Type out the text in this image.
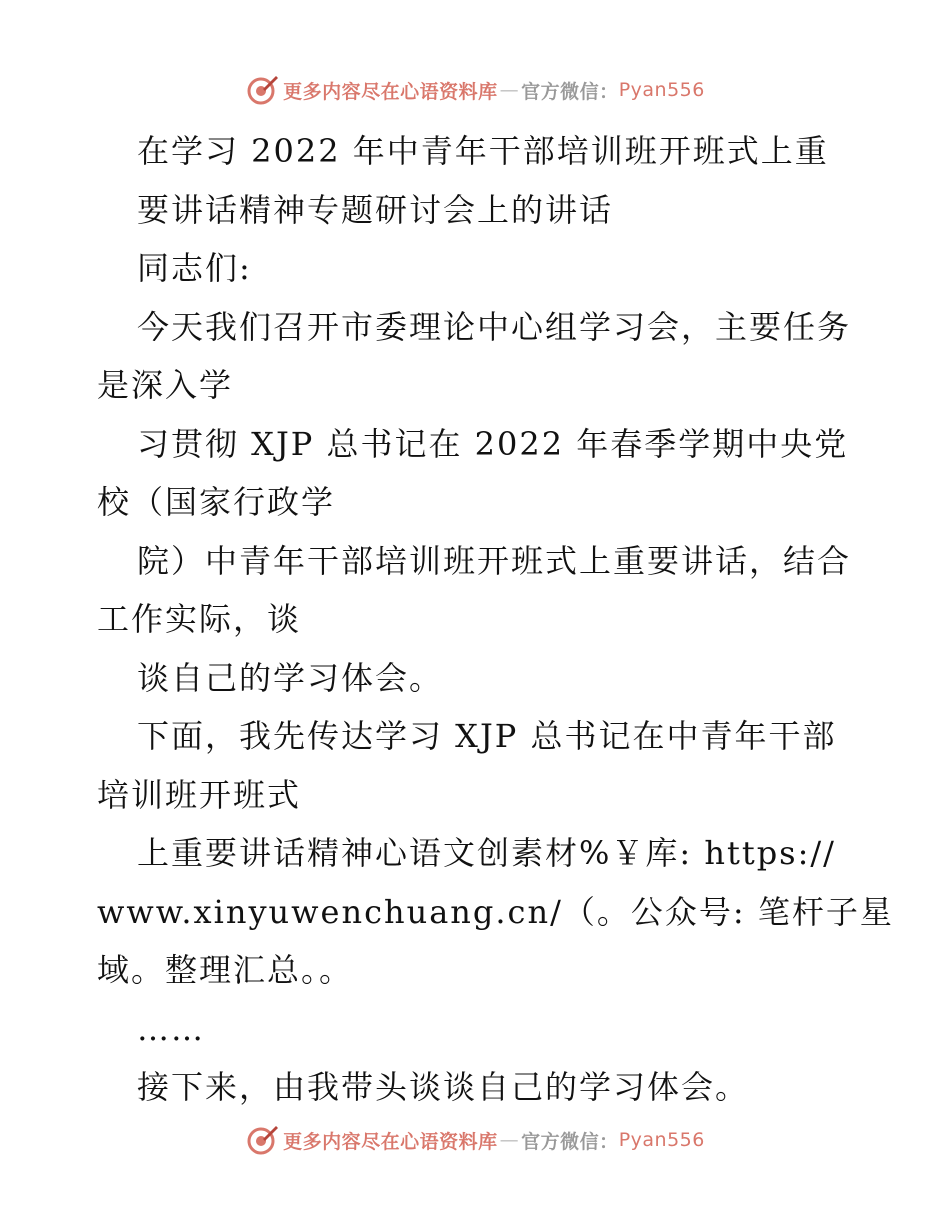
更多内容尽在心语资料库 — 官方微信： Pyan556

在学习 2022 年中青年干部培训班开班式上重

要讲话精神专题研讨会上的讲话

同志们:

今天我们召开市委理论中心组学习会，主要任务

是深入学

习贯彻 XJP 总书记在 2022 年春季学期中央党

校（国家行政学

院）中青年干部培训班开班式上重要讲话，结合

工作实际，谈

谈自己的学习体会。

下面，我先传达学习 XJP 总书记在中青年干部

培训班开班式

上重要讲话精神心语文创素材%￥库: https://

www.xinyuwenchuang.cn/（。公众号: 笔杆子星

域。整理汇总。。

……

接下来，由我带头谈谈自己的学习体会。

更多内容尽在心语资料库 — 官方微信： Pyan556
